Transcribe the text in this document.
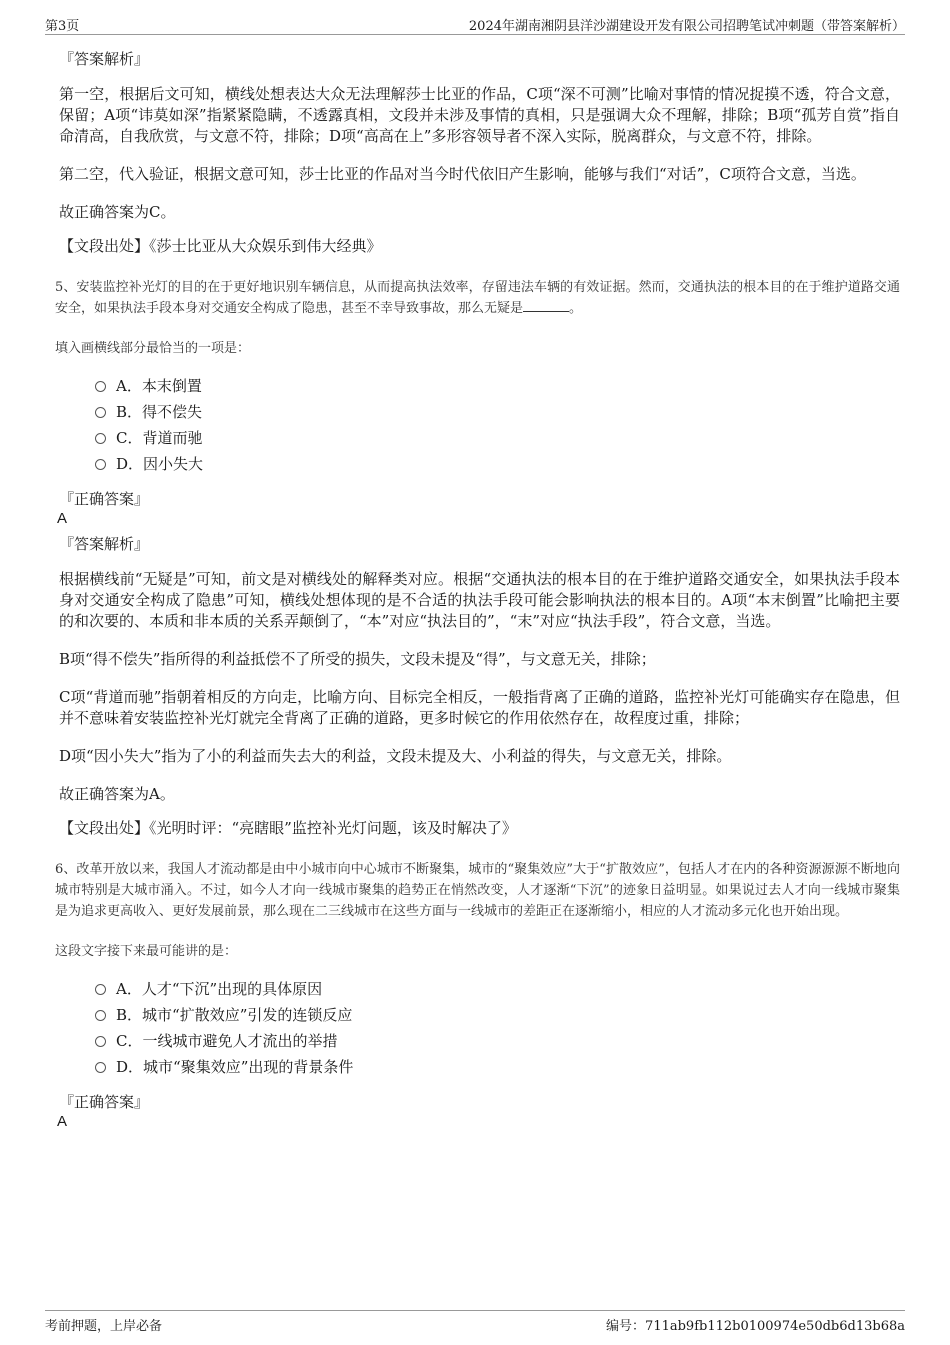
第3页	2024年湖南湘阴县洋沙湖建设开发有限公司招聘笔试冲刺题（带答案解析）
『答案解析』
第一空，根据后文可知，横线处想表达大众无法理解莎士比亚的作品，C项“深不可测”比喻对事情的情况捉摸不透，符合文意，保留；A项“讳莫如深”指紧紧隐瞒，不透露真相，文段并未涉及事情的真相，只是强调大众不理解，排除；B项“孤芳自赏”指自命清高，自我欣赏，与文意不符，排除；D项“高高在上”多形容领导者不深入实际，脱离群众，与文意不符，排除。
第二空，代入验证，根据文意可知，莎士比亚的作品对当今时代依旧产生影响，能够与我们“对话”，C项符合文意，当选。
故正确答案为C。
【文段出处】《莎士比亚从大众娱乐到伟大经典》
5、安装监控补光灯的目的在于更好地识别车辆信息，从而提高执法效率，存留违法车辆的有效证据。然而，交通执法的根本目的在于维护道路交通安全，如果执法手段本身对交通安全构成了隐患，甚至不幸导致事故，那么无疑是	。
填入画横线部分最恰当的一项是：
A．本末倒置
B．得不偿失
C．背道而驰
D．因小失大
『正确答案』
A
『答案解析』
根据横线前“无疑是”可知，前文是对横线处的解释类对应。根据“交通执法的根本目的在于维护道路交通安全，如果执法手段本身对交通安全构成了隐患”可知，横线处想体现的是不合适的执法手段可能会影响执法的根本目的。A项“本末倒置”比喻把主要的和次要的、本质和非本质的关系弄颠倒了，“本”对应“执法目的”，“末”对应“执法手段”，符合文意，当选。
B项“得不偿失”指所得的利益抵偿不了所受的损失，文段未提及“得”，与文意无关，排除；
C项“背道而驰”指朝着相反的方向走，比喻方向、目标完全相反，一般指背离了正确的道路，监控补光灯可能确实存在隐患，但并不意味着安装监控补光灯就完全背离了正确的道路，更多时候它的作用依然存在，故程度过重，排除；
D项“因小失大”指为了小的利益而失去大的利益，文段未提及大、小利益的得失，与文意无关，排除。
故正确答案为A。
【文段出处】《光明时评：“亮瞎眼”监控补光灯问题，该及时解决了》
6、改革开放以来，我国人才流动都是由中小城市向中心城市不断聚集，城市的“聚集效应”大于“扩散效应”，包括人才在内的各种资源源源不断地向城市特别是大城市涌入。不过，如今人才向一线城市聚集的趋势正在悄然改变，人才逐渐“下沉”的迹象日益明显。如果说过去人才向一线城市聚集是为追求更高收入、更好发展前景，那么现在二三线城市在这些方面与一线城市的差距正在逐渐缩小，相应的人才流动多元化也开始出现。
这段文字接下来最可能讲的是：
A．人才“下沉”出现的具体原因
B．城市“扩散效应”引发的连锁反应
C．一线城市避免人才流出的举措
D．城市“聚集效应”出现的背景条件
『正确答案』
A
考前押题，上岸必备	编号：711ab9fb112b0100974e50db6d13b68a
